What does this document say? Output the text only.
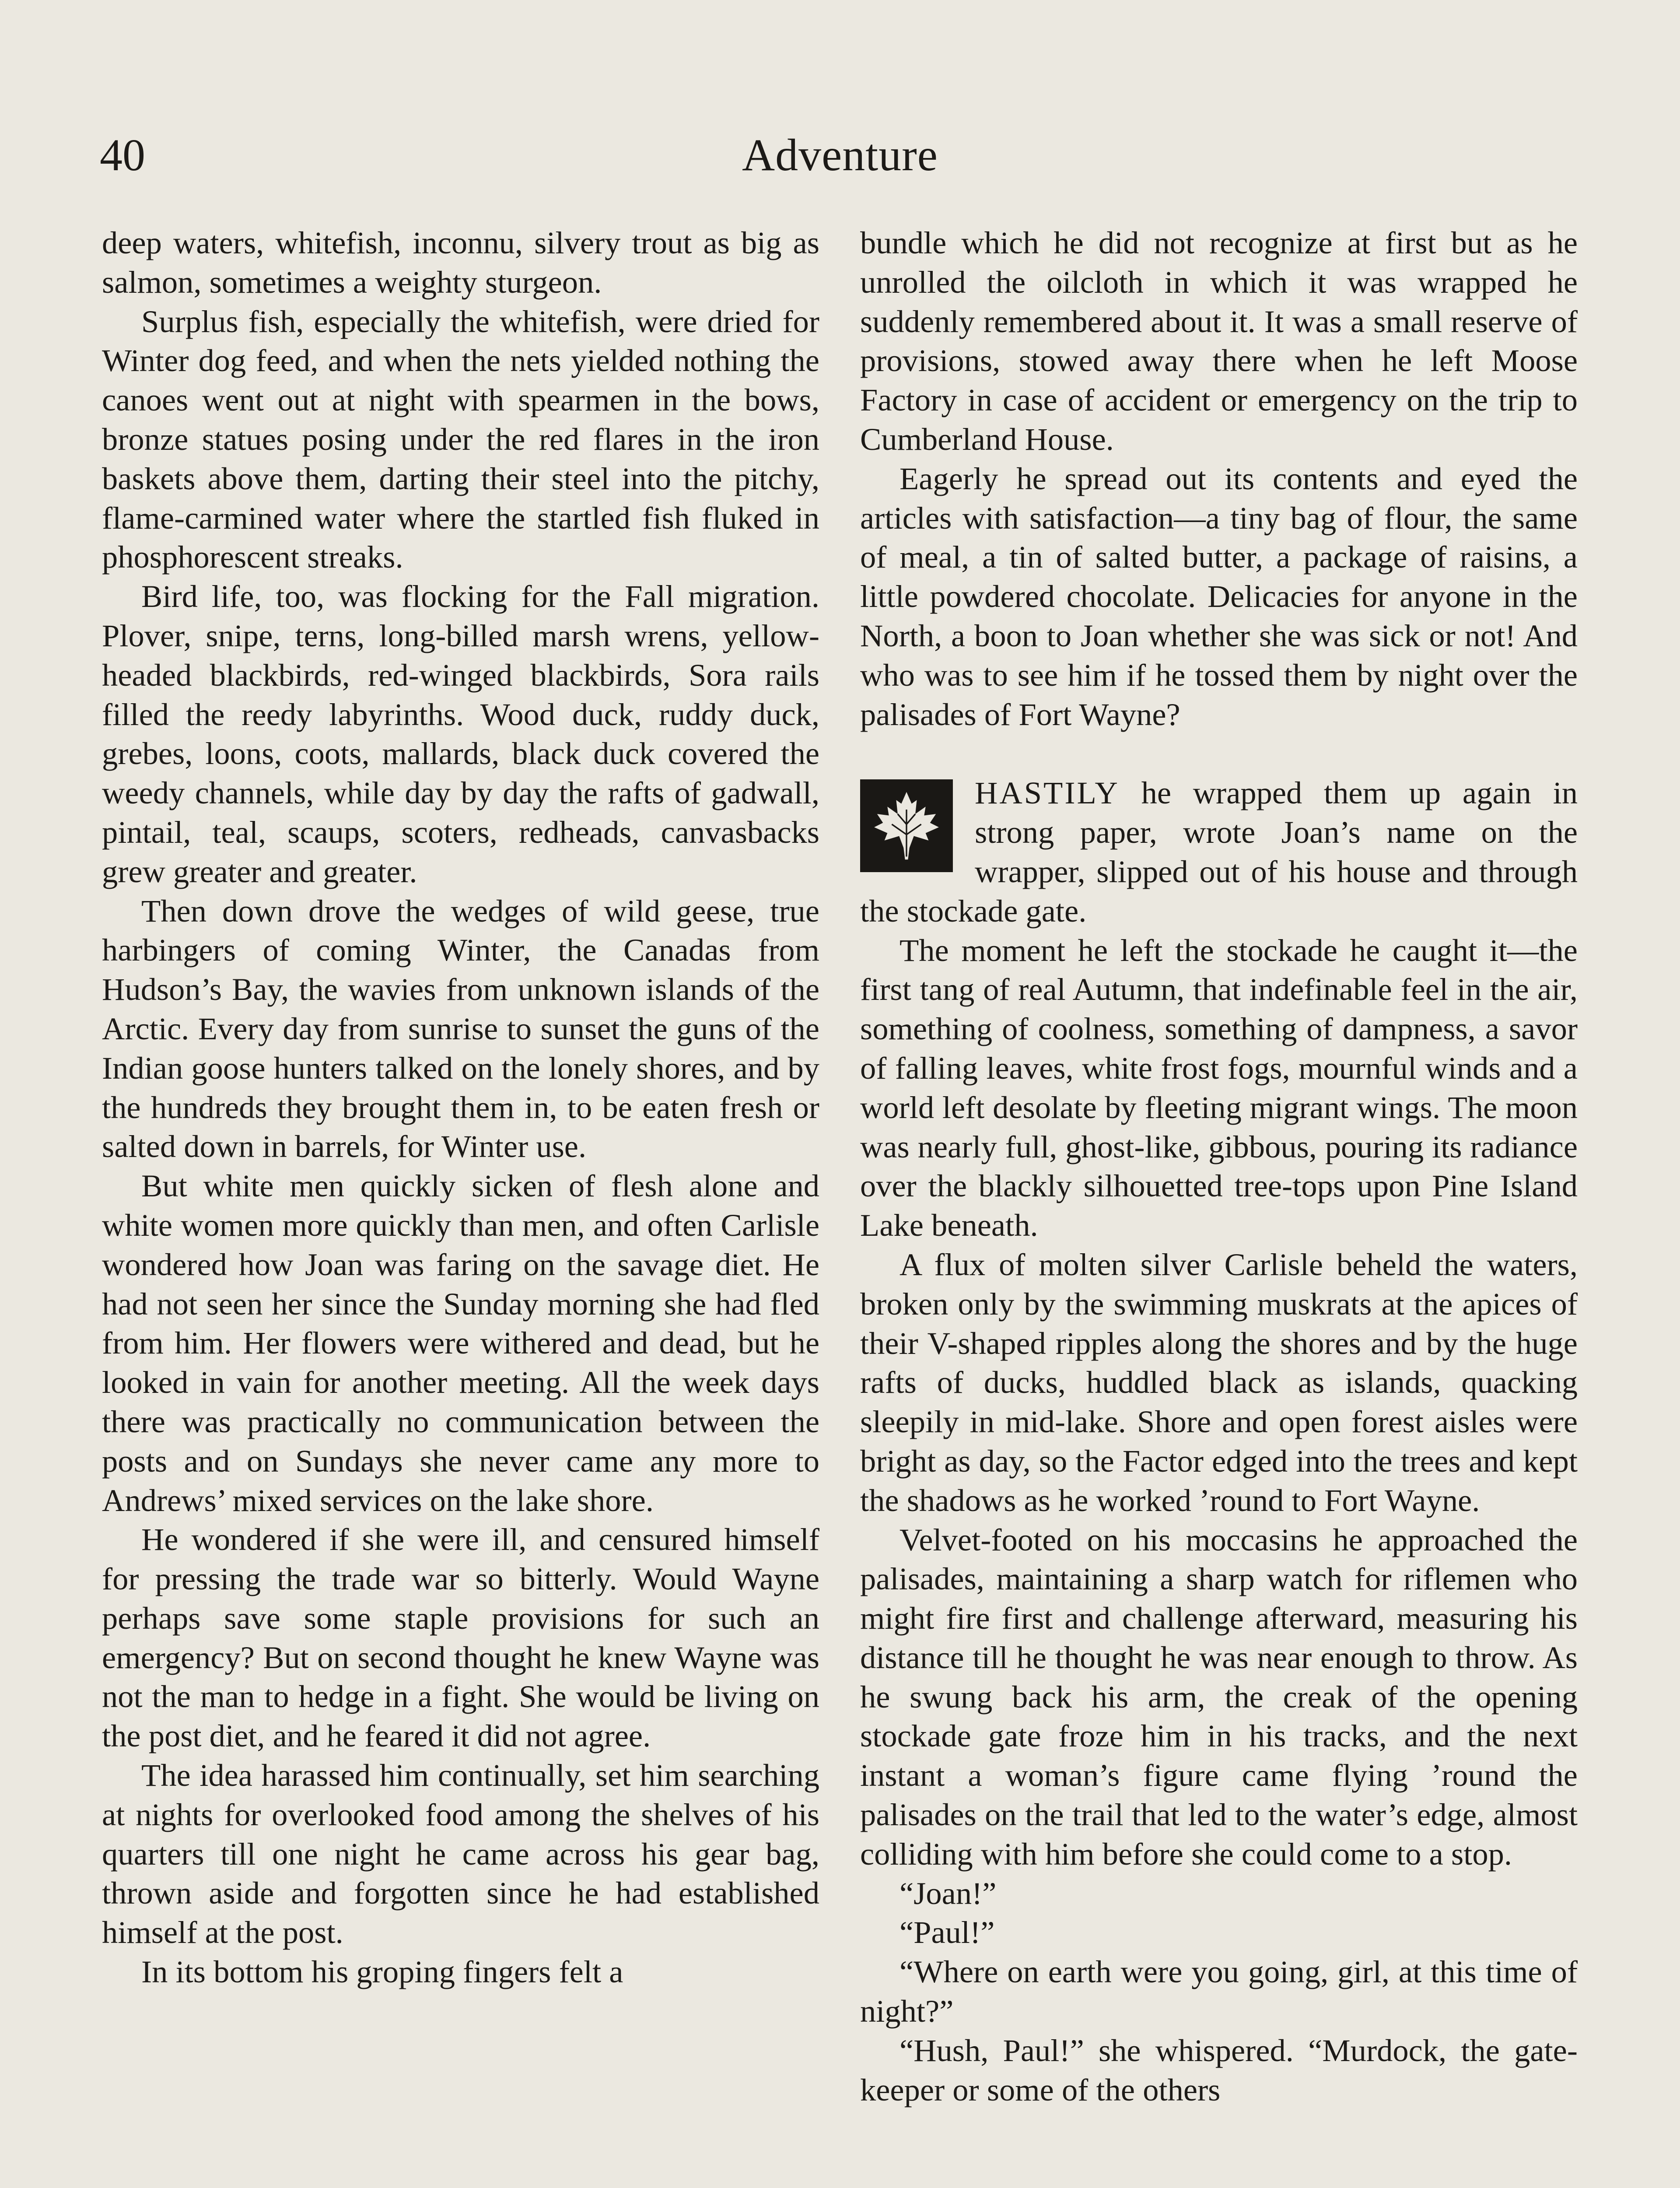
40	Adventure

deep waters, whitefish, inconnu, silvery trout as big as salmon, sometimes a weighty sturgeon.

Surplus fish, especially the whitefish, were dried for Winter dog feed, and when the nets yielded nothing the canoes went out at night with spearmen in the bows, bronze statues posing under the red flares in the iron baskets above them, darting their steel into the pitchy, flame-carmined water where the startled fish fluked in phosphorescent streaks.

Bird life, too, was flocking for the Fall migration. Plover, snipe, terns, long-billed marsh wrens, yellow-headed blackbirds, red-winged blackbirds, Sora rails filled the reedy labyrinths. Wood duck, ruddy duck, grebes, loons, coots, mallards, black duck covered the weedy channels, while day by day the rafts of gadwall, pintail, teal, scaups, scoters, redheads, canvasbacks grew greater and greater.

Then down drove the wedges of wild geese, true harbingers of coming Winter, the Canadas from Hudson’s Bay, the wavies from unknown islands of the Arctic. Every day from sunrise to sunset the guns of the Indian goose hunters talked on the lonely shores, and by the hundreds they brought them in, to be eaten fresh or salted down in barrels, for Winter use.

But white men quickly sicken of flesh alone and white women more quickly than men, and often Carlisle wondered how Joan was faring on the savage diet. He had not seen her since the Sunday morning she had fled from him. Her flowers were withered and dead, but he looked in vain for another meeting. All the week days there was practically no communication between the posts and on Sundays she never came any more to Andrews’ mixed services on the lake shore.

He wondered if she were ill, and censured himself for pressing the trade war so bitterly. Would Wayne perhaps save some staple provisions for such an emergency? But on second thought he knew Wayne was not the man to hedge in a fight. She would be living on the post diet, and he feared it did not agree.

The idea harassed him continually, set him searching at nights for overlooked food among the shelves of his quarters till one night he came across his gear bag, thrown aside and forgotten since he had established himself at the post.

In its bottom his groping fingers felt a

bundle which he did not recognize at first but as he unrolled the oilcloth in which it was wrapped he suddenly remembered about it. It was a small reserve of provisions, stowed away there when he left Moose Factory in case of accident or emergency on the trip to Cumberland House.

Eagerly he spread out its contents and eyed the articles with satisfaction—a tiny bag of flour, the same of meal, a tin of salted butter, a package of raisins, a little powdered chocolate. Delicacies for anyone in the North, a boon to Joan whether she was sick or not! And who was to see him if he tossed them by night over the palisades of Fort Wayne?

HASTILY he wrapped them up again in strong paper, wrote Joan’s name on the wrapper, slipped out of his house and through the stockade gate.

The moment he left the stockade he caught it—the first tang of real Autumn, that indefinable feel in the air, something of coolness, something of dampness, a savor of falling leaves, white frost fogs, mournful winds and a world left desolate by fleeting migrant wings. The moon was nearly full, ghost-like, gibbous, pouring its radiance over the blackly silhouetted tree-tops upon Pine Island Lake beneath.

A flux of molten silver Carlisle beheld the waters, broken only by the swimming muskrats at the apices of their V-shaped ripples along the shores and by the huge rafts of ducks, huddled black as islands, quacking sleepily in mid-lake. Shore and open forest aisles were bright as day, so the Factor edged into the trees and kept the shadows as he worked ’round to Fort Wayne.

Velvet-footed on his moccasins he approached the palisades, maintaining a sharp watch for riflemen who might fire first and challenge afterward, measuring his distance till he thought he was near enough to throw. As he swung back his arm, the creak of the opening stockade gate froze him in his tracks, and the next instant a woman’s figure came flying ’round the palisades on the trail that led to the water’s edge, almost colliding with him before she could come to a stop.

“Joan!”

“Paul!”

“Where on earth were you going, girl, at this time of night?”

“Hush, Paul!” she whispered. “Murdock, the gate-keeper or some of the others
